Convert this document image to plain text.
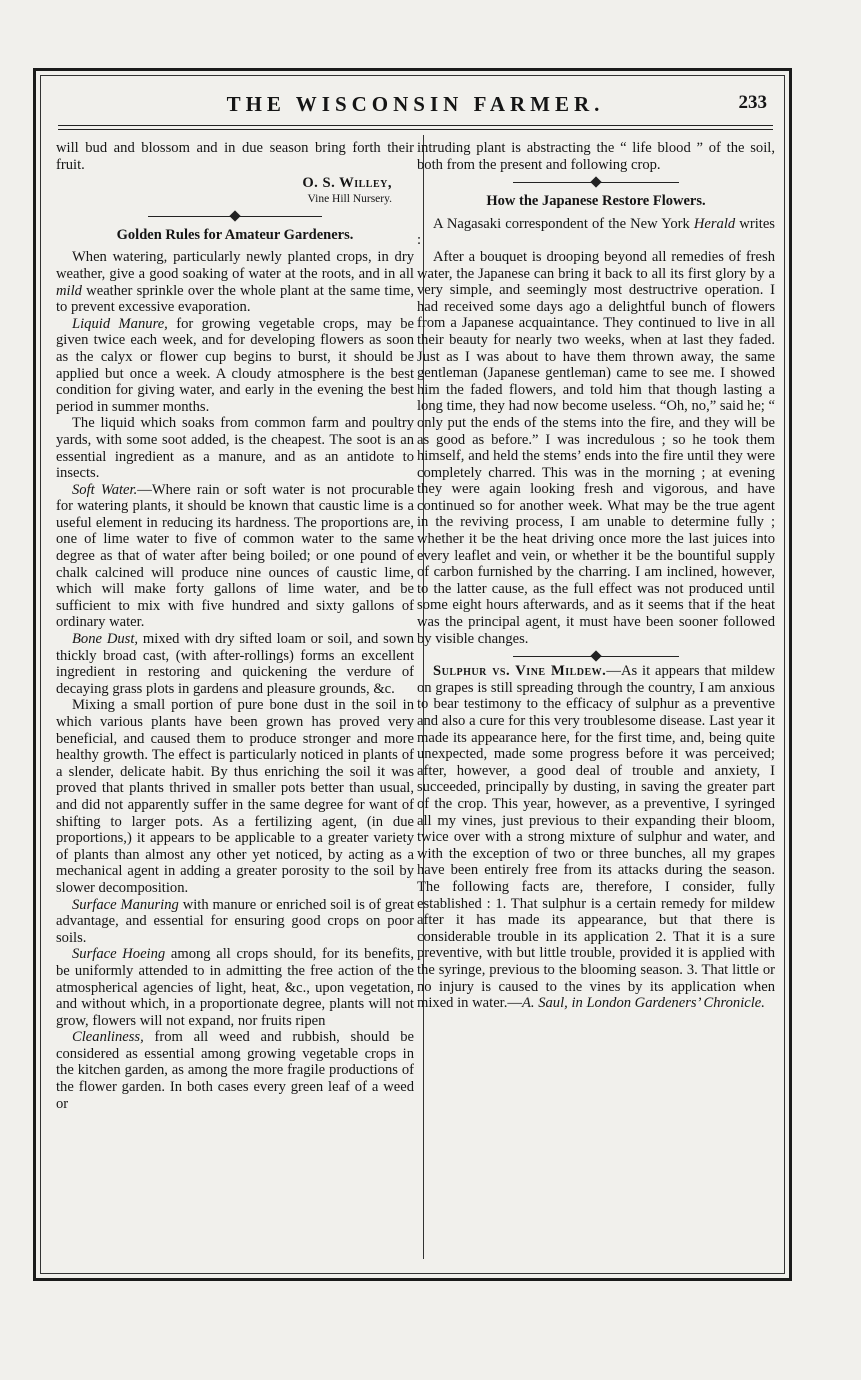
THE WISCONSIN FARMER.	233

will bud and blossom and in due season bring forth their fruit.

O. S. Willey,
Vine Hill Nursery.
Golden Rules for Amateur Gardeners.

When watering, particularly newly planted crops, in dry weather, give a good soaking of water at the roots, and in all mild weather sprinkle over the whole plant at the same time, to prevent excessive evaporation.

Liquid Manure, for growing vegetable crops, may be given twice each week, and for developing flowers as soon as the calyx or flower cup begins to burst, it should be applied but once a week. A cloudy atmosphere is the best condition for giving water, and early in the evening the best period in summer months.

The liquid which soaks from common farm and poultry yards, with some soot added, is the cheapest. The soot is an essential ingredient as a manure, and as an antidote to insects.

Soft Water.—Where rain or soft water is not procurable for watering plants, it should be known that caustic lime is a useful element in reducing its hardness. The proportions are, one of lime water to five of common water to the same degree as that of water after being boiled; or one pound of chalk calcined will produce nine ounces of caustic lime, which will make forty gallons of lime water, and be sufficient to mix with five hundred and sixty gallons of ordinary water.

Bone Dust, mixed with dry sifted loam or soil, and sown thickly broad cast, (with after-rollings) forms an excellent ingredient in restoring and quickening the verdure of decaying grass plots in gardens and pleasure grounds, &c.

Mixing a small portion of pure bone dust in the soil in which various plants have been grown has proved very beneficial, and caused them to produce stronger and more healthy growth. The effect is particularly noticed in plants of a slender, delicate habit. By thus enriching the soil it was proved that plants thrived in smaller pots better than usual, and did not apparently suffer in the same degree for want of shifting to larger pots. As a fertilizing agent, (in due proportions,) it appears to be applicable to a greater variety of plants than almost any other yet noticed, by acting as a mechanical agent in adding a greater porosity to the soil by slower decomposition.

Surface Manuring with manure or enriched soil is of great advantage, and essential for ensuring good crops on poor soils.

Surface Hoeing among all crops should, for its benefits, be uniformly attended to in admitting the free action of the atmospherical agencies of light, heat, &c., upon vegetation, and without which, in a proportionate degree, plants will not grow, flowers will not expand, nor fruits ripen

Cleanliness, from all weed and rubbish, should be considered as essential among growing vegetable crops in the kitchen garden, as among the more fragile productions of the flower garden. In both cases every green leaf of a weed or

intruding plant is abstracting the “ life blood ” of the soil, both from the present and following crop.

How the Japanese Restore Flowers.

A Nagasaki correspondent of the New York Herald writes :

After a bouquet is drooping beyond all remedies of fresh water, the Japanese can bring it back to all its first glory by a very simple, and seemingly most destructrive operation. I had received some days ago a delightful bunch of flowers from a Japanese acquaintance. They continued to live in all their beauty for nearly two weeks, when at last they faded. Just as I was about to have them thrown away, the same gentleman (Japanese gentleman) came to see me. I showed him the faded flowers, and told him that though lasting a long time, they had now become useless. “Oh, no,” said he; “ only put the ends of the stems into the fire, and they will be as good as before.” I was incredulous ; so he took them himself, and held the stems’ ends into the fire until they were completely charred. This was in the morning ; at evening they were again looking fresh and vigorous, and have continued so for another week. What may be the true agent in the reviving process, I am unable to determine fully ; whether it be the heat driving once more the last juices into every leaflet and vein, or whether it be the bountiful supply of carbon furnished by the charring. I am inclined, however, to the latter cause, as the full effect was not produced until some eight hours afterwards, and as it seems that if the heat was the principal agent, it must have been sooner followed by visible changes.

Sulphur vs. Vine Mildew.—As it appears that mildew on grapes is still spreading through the country, I am anxious to bear testimony to the efficacy of sulphur as a preventive and also a cure for this very troublesome disease. Last year it made its appearance here, for the first time, and, being quite unexpected, made some progress before it was perceived; after, however, a good deal of trouble and anxiety, I succeeded, principally by dusting, in saving the greater part of the crop. This year, however, as a preventive, I syringed all my vines, just previous to their expanding their bloom, twice over with a strong mixture of sulphur and water, and with the exception of two or three bunches, all my grapes have been entirely free from its attacks during the season. The following facts are, therefore, I consider, fully established : 1. That sulphur is a certain remedy for mildew after it has made its appearance, but that there is considerable trouble in its application 2. That it is a sure preventive, with but little trouble, provided it is applied with the syringe, previous to the blooming season. 3. That little or no injury is caused to the vines by its application when mixed in water.—A. Saul, in London Gardeners’ Chronicle.
